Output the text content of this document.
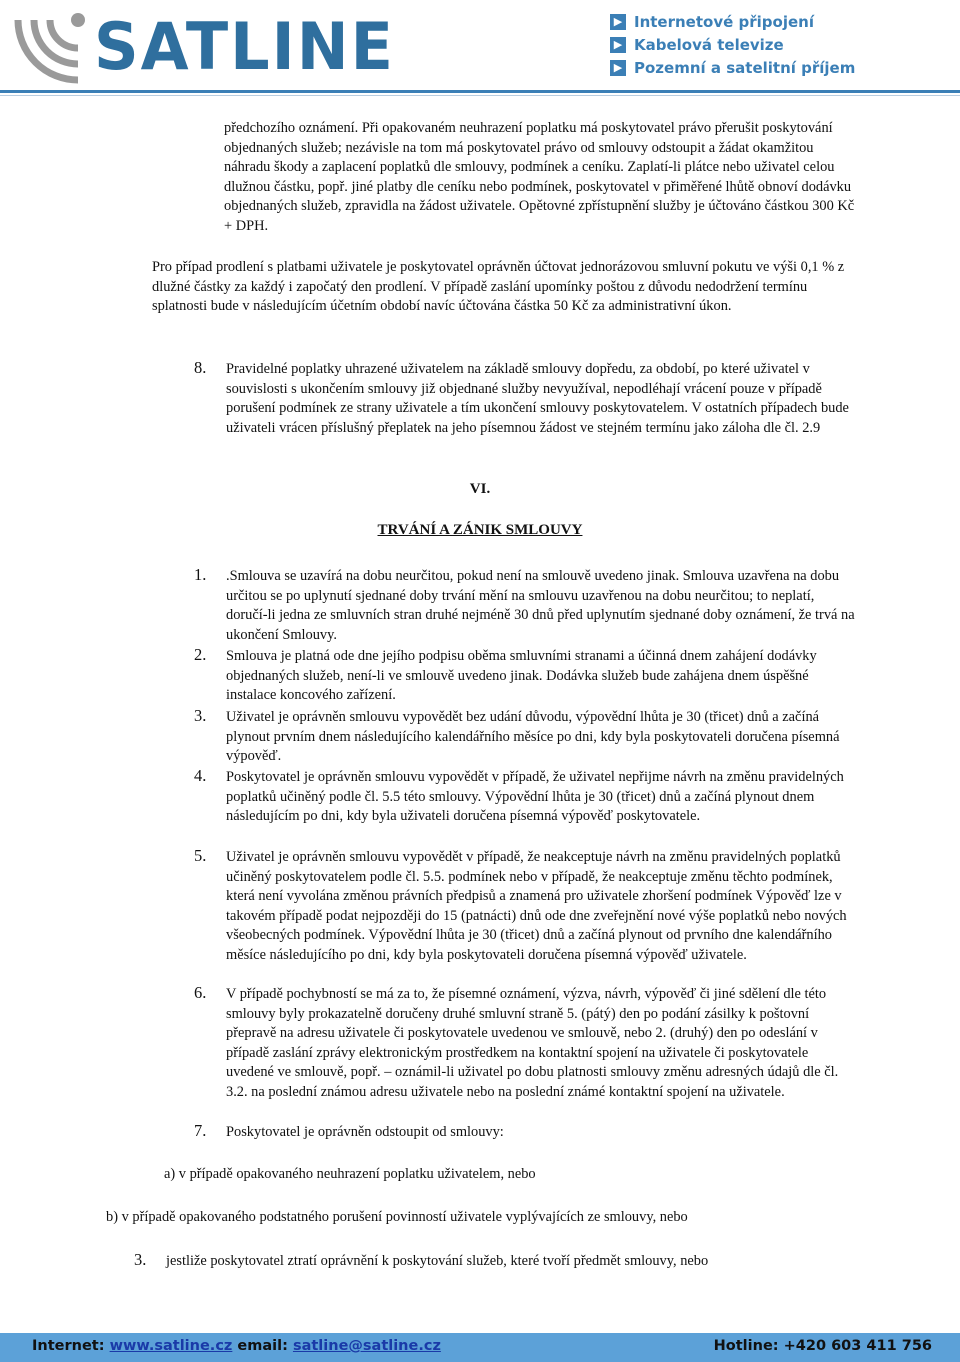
SATLINE	▶ Internetové připojení
▶ Kabelová televize
▶ Pozemní a satelitní příjem

předchozího oznámení. Při opakovaném neuhrazení poplatku má poskytovatel právo přerušit poskytování objednaných služeb; nezávisle na tom má poskytovatel právo od smlouvy odstoupit a žádat okamžitou náhradu škody a zaplacení poplatků dle smlouvy, podmínek a ceníku. Zaplatí-li plátce nebo uživatel celou dlužnou částku, popř. jiné platby dle ceníku nebo podmínek, poskytovatel v přiměřené lhůtě obnoví dodávku objednaných služeb, zpravidla na žádost uživatele. Opětovné zpřístupnění služby je účtováno částkou 300 Kč + DPH.

Pro případ prodlení s platbami uživatele je poskytovatel oprávněn účtovat jednorázovou smluvní pokutu ve výši 0,1 % z dlužné částky za každý i započatý den prodlení. V případě zaslání upomínky poštou z důvodu nedodržení termínu splatnosti bude v následujícím účetním období navíc účtována částka 50 Kč za administrativní úkon.

8. Pravidelné poplatky uhrazené uživatelem na základě smlouvy dopředu, za období, po které uživatel v souvislosti s ukončením smlouvy již objednané služby nevyužíval, nepodléhají vrácení pouze v případě porušení podmínek ze strany uživatele a tím ukončení smlouvy poskytovatelem. V ostatních případech bude uživateli vrácen příslušný přeplatek na jeho písemnou žádost ve stejném termínu jako záloha dle čl. 2.9
VI.
TRVÁNÍ A ZÁNIK SMLOUVY
1. .Smlouva se uzavírá na dobu neurčitou, pokud není na smlouvě uvedeno jinak. Smlouva uzavřena na dobu určitou se po uplynutí sjednané doby trvání mění na smlouvu uzavřenou na dobu neurčitou; to neplatí, doručí-li jedna ze smluvních stran druhé nejméně 30 dnů před uplynutím sjednané doby oznámení, že trvá na ukončení Smlouvy.
2. Smlouva je platná ode dne jejího podpisu oběma smluvními stranami a účinná dnem zahájení dodávky objednaných služeb, není-li ve smlouvě uvedeno jinak. Dodávka služeb bude zahájena dnem úspěšné instalace koncového zařízení.
3. Uživatel je oprávněn smlouvu vypovědět bez udání důvodu, výpovědní lhůta je 30 (třicet) dnů a začíná plynout prvním dnem následujícího kalendářního měsíce po dni, kdy byla poskytovateli doručena písemná výpověď.
4. Poskytovatel je oprávněn smlouvu vypovědět v případě, že uživatel nepřijme návrh na změnu pravidelných poplatků učiněný podle čl. 5.5 této smlouvy. Výpovědní lhůta je 30 (třicet) dnů a začíná plynout dnem následujícím po dni, kdy byla uživateli doručena písemná výpověď poskytovatele.
5. Uživatel je oprávněn smlouvu vypovědět v případě, že neakceptuje návrh na změnu pravidelných poplatků učiněný poskytovatelem podle čl. 5.5. podmínek nebo v případě, že neakceptuje změnu těchto podmínek, která není vyvolána změnou právních předpisů a znamená pro uživatele zhoršení podmínek Výpověď lze v takovém případě podat nejpozději do 15 (patnácti) dnů ode dne zveřejnění nové výše poplatků nebo nových všeobecných podmínek. Výpovědní lhůta je 30 (třicet) dnů a začíná plynout od prvního dne kalendářního měsíce následujícího po dni, kdy byla poskytovateli doručena písemná výpověď uživatele.
6. V případě pochybností se má za to, že písemné oznámení, výzva, návrh, výpověď či jiné sdělení dle této smlouvy byly prokazatelně doručeny druhé smluvní straně 5. (pátý) den po podání zásilky k poštovní přepravě na adresu uživatele či poskytovatele uvedenou ve smlouvě, nebo 2. (druhý) den po odeslání v případě zaslání zprávy elektronickým prostředkem na kontaktní spojení na uživatele či poskytovatele uvedené ve smlouvě, popř. – oznámil-li uživatel po dobu platnosti smlouvy změnu adresných údajů dle čl. 3.2. na poslední známou adresu uživatele nebo na poslední známé kontaktní spojení na uživatele.
7. Poskytovatel je oprávněn odstoupit od smlouvy:

a) v případě opakovaného neuhrazení poplatku uživatelem, nebo

b) v případě opakovaného podstatného porušení povinností uživatele vyplývajících ze smlouvy, nebo

3. jestliže poskytovatel ztratí oprávnění k poskytování služeb, které tvoří předmět smlouvy, nebo
Internet: www.satline.cz email: satline@satline.cz	Hotline: +420 603 411 756
